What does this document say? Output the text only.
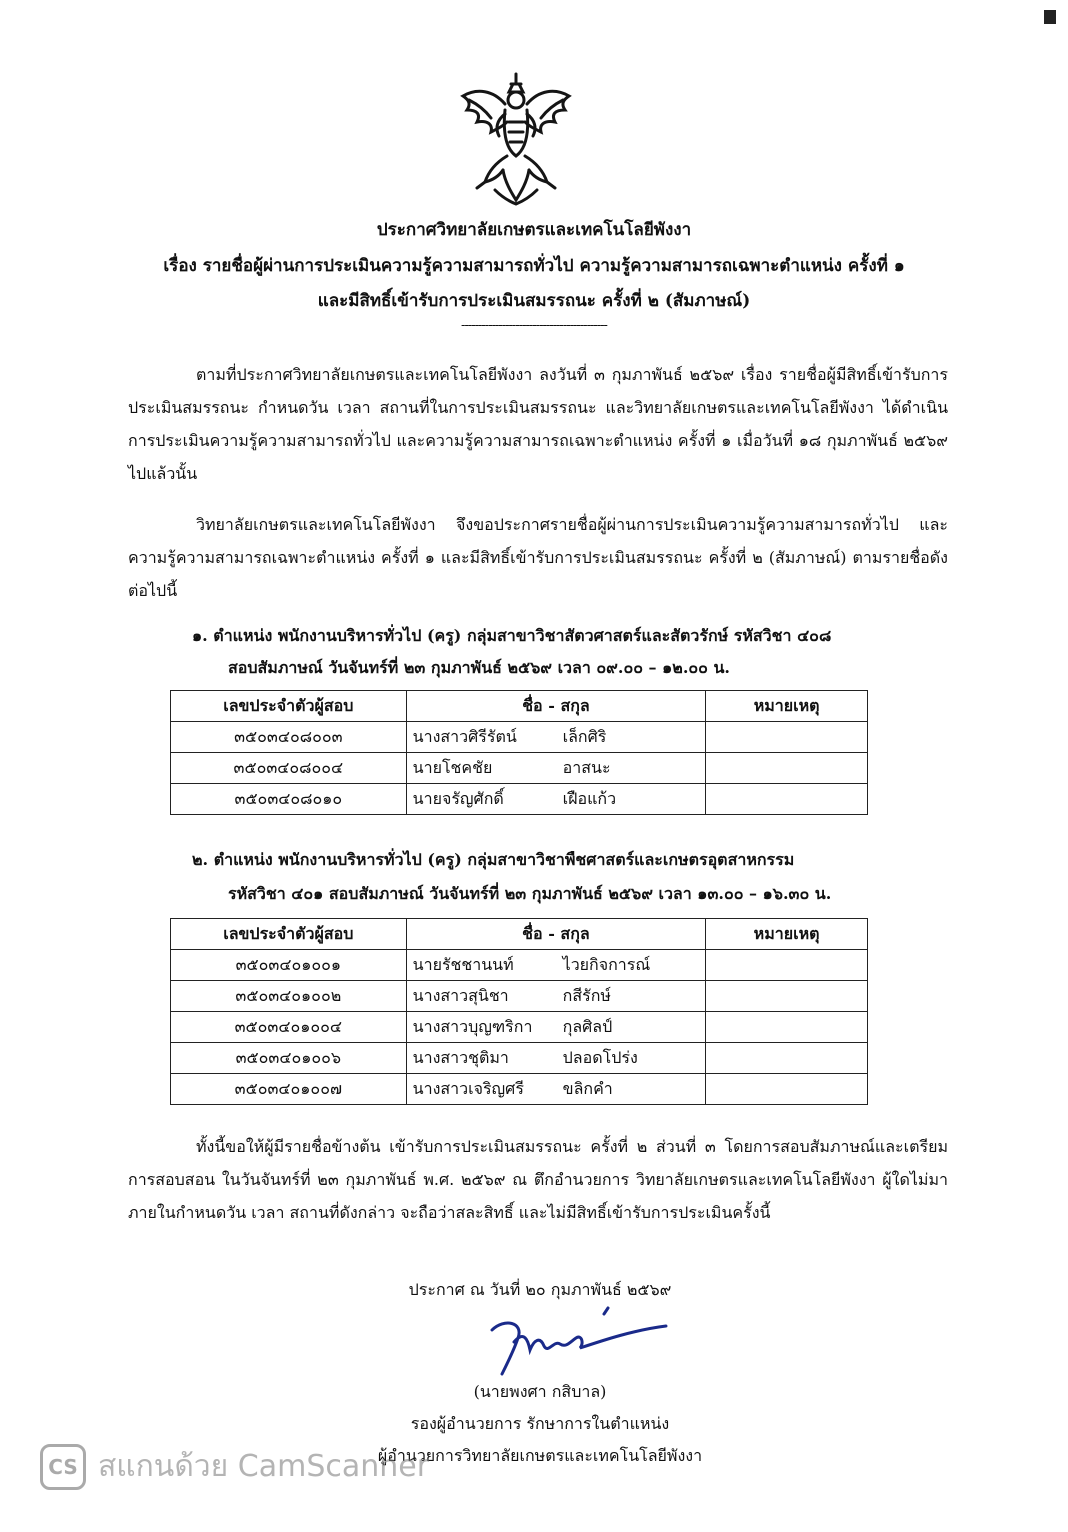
ประกาศวิทยาลัยเกษตรและเทคโนโลยีพังงา
เรื่อง รายชื่อผู้ผ่านการประเมินความรู้ความสามารถทั่วไป ความรู้ความสามารถเฉพาะตำแหน่ง ครั้งที่ ๑
และมีสิทธิ์เข้ารับการประเมินสมรรถนะ ครั้งที่ ๒ (สัมภาษณ์)
-------------------------------------------

ตามที่ประกาศวิทยาลัยเกษตรและเทคโนโลยีพังงา ลงวันที่ ๓ กุมภาพันธ์ ๒๕๖๙ เรื่อง รายชื่อผู้มีสิทธิ์เข้ารับการประเมินสมรรถนะ กำหนดวัน เวลา สถานที่ในการประเมินสมรรถนะ และวิทยาลัยเกษตรและเทคโนโลยีพังงา ได้ดำเนินการประเมินความรู้ความสามารถทั่วไป และความรู้ความสามารถเฉพาะตำแหน่ง ครั้งที่ ๑ เมื่อวันที่ ๑๘ กุมภาพันธ์ ๒๕๖๙ ไปแล้วนั้น

วิทยาลัยเกษตรและเทคโนโลยีพังงา จึงขอประกาศรายชื่อผู้ผ่านการประเมินความรู้ความสามารถทั่วไป และความรู้ความสามารถเฉพาะตำแหน่ง ครั้งที่ ๑ และมีสิทธิ์เข้ารับการประเมินสมรรถนะ ครั้งที่ ๒ (สัมภาษณ์) ตามรายชื่อดังต่อไปนี้

๑. ตำแหน่ง พนักงานบริหารทั่วไป (ครู) กลุ่มสาขาวิชาสัตวศาสตร์และสัตวรักษ์ รหัสวิชา ๔๐๘
สอบสัมภาษณ์ วันจันทร์ที่ ๒๓ กุมภาพันธ์ ๒๕๖๙ เวลา ๐๙.๐๐ – ๑๒.๐๐ น.
เลขประจำตัวผู้สอบ	ชื่อ - สกุล	หมายเหตุ
๓๕๐๓๔๐๘๐๐๓	นางสาวศิรีรัตน์ เล็กศิริ	
๓๕๐๓๔๐๘๐๐๔	นายโชคชัย อาสนะ	
๓๕๐๓๔๐๘๐๑๐	นายจรัญศักดิ์ เฝือแก้ว	
๒. ตำแหน่ง พนักงานบริหารทั่วไป (ครู) กลุ่มสาขาวิชาพืชศาสตร์และเกษตรอุตสาหกรรม
รหัสวิชา ๔๐๑ สอบสัมภาษณ์ วันจันทร์ที่ ๒๓ กุมภาพันธ์ ๒๕๖๙ เวลา ๑๓.๐๐ – ๑๖.๓๐ น.
เลขประจำตัวผู้สอบ	ชื่อ - สกุล	หมายเหตุ
๓๕๐๓๔๐๑๐๐๑	นายรัชชานนท์ ไวยกิจการณ์	
๓๕๐๓๔๐๑๐๐๒	นางสาวสุนิชา กสีรักษ์	
๓๕๐๓๔๐๑๐๐๔	นางสาวบุญฑริกา กุลศิลป์	
๓๕๐๓๔๐๑๐๐๖	นางสาวชุติมา ปลอดโปร่ง	
๓๕๐๓๔๐๑๐๐๗	นางสาวเจริญศรี ขลิกคำ	

ทั้งนี้ขอให้ผู้มีรายชื่อข้างต้น เข้ารับการประเมินสมรรถนะ ครั้งที่ ๒ ส่วนที่ ๓ โดยการสอบสัมภาษณ์และเตรียมการสอบสอน ในวันจันทร์ที่ ๒๓ กุมภาพันธ์ พ.ศ. ๒๕๖๙ ณ ตึกอำนวยการ วิทยาลัยเกษตรและเทคโนโลยีพังงา ผู้ใดไม่มาภายในกำหนดวัน เวลา สถานที่ดังกล่าว จะถือว่าสละสิทธิ์ และไม่มีสิทธิ์เข้ารับการประเมินครั้งนี้

ประกาศ ณ วันที่ ๒๐ กุมภาพันธ์ ๒๕๖๙
(นายพงศา กสิบาล)
รองผู้อำนวยการ รักษาการในตำแหน่ง
ผู้อำนวยการวิทยาลัยเกษตรและเทคโนโลยีพังงา
CS สแกนด้วย CamScanner
